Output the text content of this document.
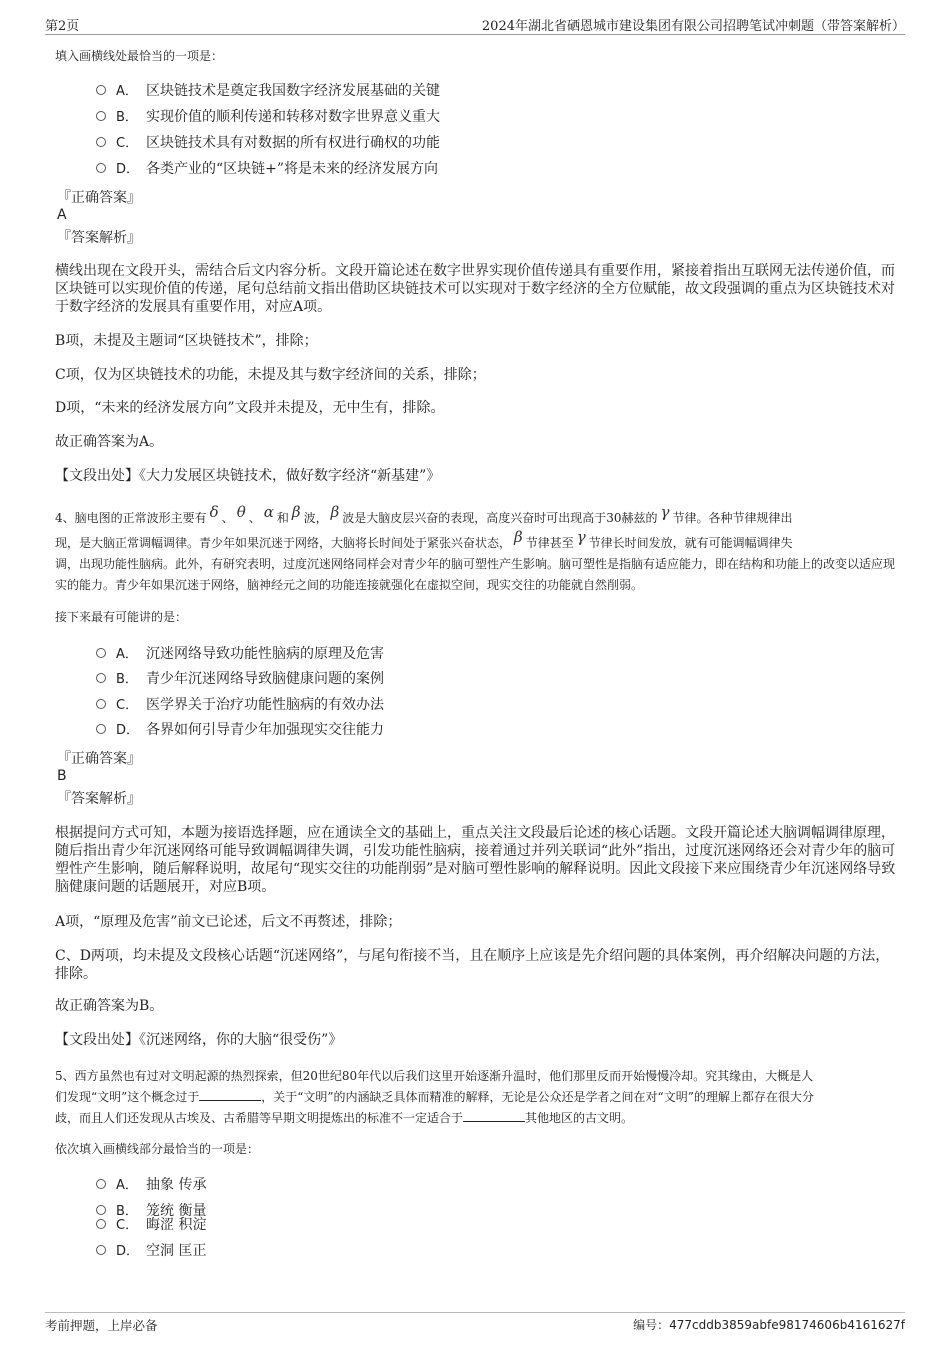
第2页	2024年湖北省硒恩城市建设集团有限公司招聘笔试冲刺题（带答案解析）
填入画横线处最恰当的一项是：
A． 区块链技术是奠定我国数字经济发展基础的关键
B． 实现价值的顺利传递和转移对数字世界意义重大
C． 区块链技术具有对数据的所有权进行确权的功能
D． 各类产业的“区块链+”将是未来的经济发展方向
『正确答案』
A
『答案解析』
横线出现在文段开头，需结合后文内容分析。文段开篇论述在数字世界实现价值传递具有重要作用，紧接着指出互联网无法传递价值，而区块链可以实现价值的传递，尾句总结前文指出借助区块链技术可以实现对于数字经济的全方位赋能，故文段强调的重点为区块链技术对于数字经济的发展具有重要作用，对应A项。
B项，未提及主题词“区块链技术”，排除；
C项，仅为区块链技术的功能，未提及其与数字经济间的关系，排除；
D项，“未来的经济发展方向”文段并未提及，无中生有，排除。
故正确答案为A。
【文段出处】《大力发展区块链技术，做好数字经济“新基建”》
4、脑电图的正常波形主要有 δ 、 θ 、 α 和 β 波， β 波是大脑皮层兴奋的表现，高度兴奋时可出现高于30赫兹的 γ 节律。各种节律规律出
现，是大脑正常调幅调律。青少年如果沉迷于网络，大脑将长时间处于紧张兴奋状态， β 节律甚至 γ 节律长时间发放，就有可能调幅调律失
调，出现功能性脑病。此外，有研究表明，过度沉迷网络同样会对青少年的脑可塑性产生影响。脑可塑性是指脑有适应能力，即在结构和功能上的改变以适应现实的能力。青少年如果沉迷于网络，脑神经元之间的功能连接就强化在虚拟空间，现实交往的功能就自然削弱。
接下来最有可能讲的是：
A． 沉迷网络导致功能性脑病的原理及危害
B． 青少年沉迷网络导致脑健康问题的案例
C． 医学界关于治疗功能性脑病的有效办法
D． 各界如何引导青少年加强现实交往能力
『正确答案』
B
『答案解析』
根据提问方式可知，本题为接语选择题，应在通读全文的基础上，重点关注文段最后论述的核心话题。文段开篇论述大脑调幅调律原理，随后指出青少年沉迷网络可能导致调幅调律失调，引发功能性脑病，接着通过并列关联词“此外”指出，过度沉迷网络还会对青少年的脑可塑性产生影响，随后解释说明，故尾句“现实交往的功能削弱”是对脑可塑性影响的解释说明。因此文段接下来应围绕青少年沉迷网络导致脑健康问题的话题展开，对应B项。
A项，“原理及危害”前文已论述，后文不再赘述，排除；
C、D两项，均未提及文段核心话题“沉迷网络”，与尾句衔接不当，且在顺序上应该是先介绍问题的具体案例，再介绍解决问题的方法，排除。
故正确答案为B。
【文段出处】《沉迷网络，你的大脑“很受伤”》
5、西方虽然也有过对文明起源的热烈探索，但20世纪80年代以后我们这里开始逐渐升温时，他们那里反而开始慢慢冷却。究其缘由，大概是人
们发现“文明”这个概念过于	，关于“文明”的内涵缺乏具体而精准的解释，无论是公众还是学者之间在对“文明”的理解上都存在很大分
歧，而且人们还发现从古埃及、古希腊等早期文明提炼出的标准不一定适合于	其他地区的古文明。
依次填入画横线部分最恰当的一项是：
A． 抽象 传承
B． 笼统 衡量
C． 晦涩 积淀
D． 空洞 匡正
考前押题，上岸必备	编号：477cddb3859abfe98174606b4161627f
